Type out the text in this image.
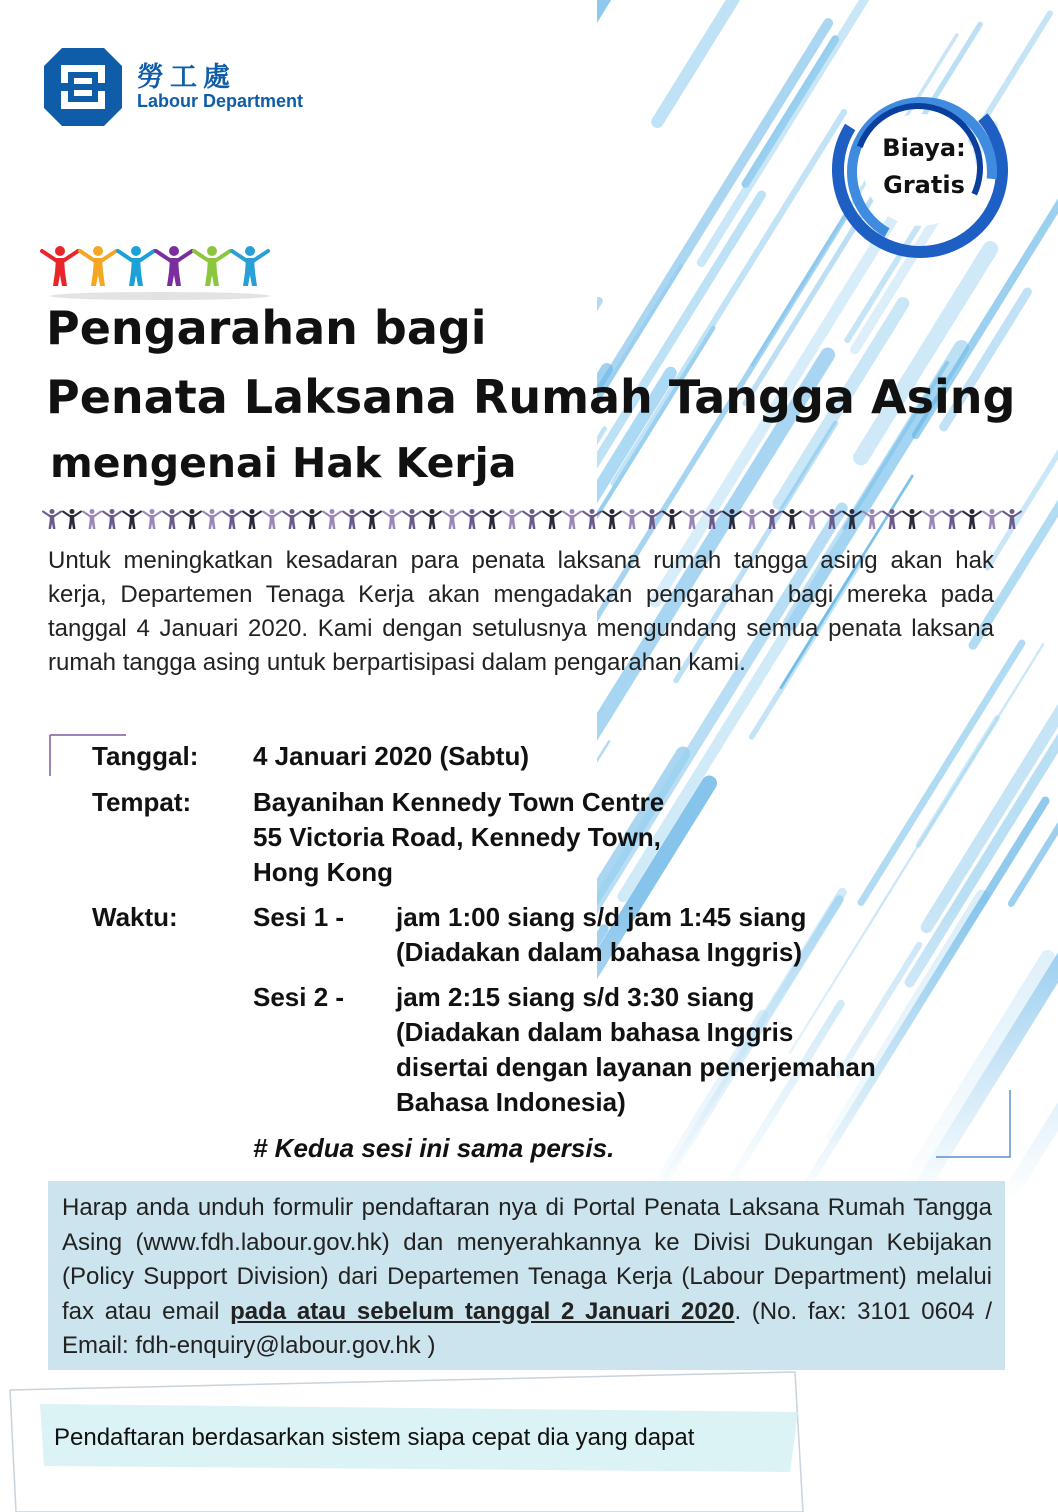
勞工處
Labour Department
Biaya:
Gratis
Pengarahan bagi
Penata Laksana Rumah Tangga Asing
mengenai Hak Kerja
Untuk meningkatkan kesadaran para penata laksana rumah tangga asing akan hak kerja, Departemen Tenaga Kerja akan mengadakan pengarahan bagi mereka pada tanggal 4 Januari 2020. Kami dengan setulusnya mengundang semua penata laksana rumah tangga asing untuk berpartisipasi dalam pengarahan kami.
Tanggal: 4 Januari 2020 (Sabtu)
Tempat: Bayanihan Kennedy Town Centre
55 Victoria Road, Kennedy Town,
Hong Kong
Waktu:	Sesi 1 - jam 1:00 siang s/d jam 1:45 siang
(Diadakan dalam bahasa Inggris)
Sesi 2 - jam 2:15 siang s/d 3:30 siang
(Diadakan dalam bahasa Inggris
disertai dengan layanan penerjemahan
Bahasa Indonesia)
# Kedua sesi ini sama persis.
Harap anda unduh formulir pendaftaran nya di Portal Penata Laksana Rumah Tangga Asing (www.fdh.labour.gov.hk) dan menyerahkannya ke Divisi Dukungan Kebijakan (Policy Support Division) dari Departemen Tenaga Kerja (Labour Department) melalui fax atau email pada atau sebelum tanggal 2 Januari 2020. (No. fax: 3101 0604 / Email: fdh-enquiry@labour.gov.hk )
Pendaftaran berdasarkan sistem siapa cepat dia yang dapat
